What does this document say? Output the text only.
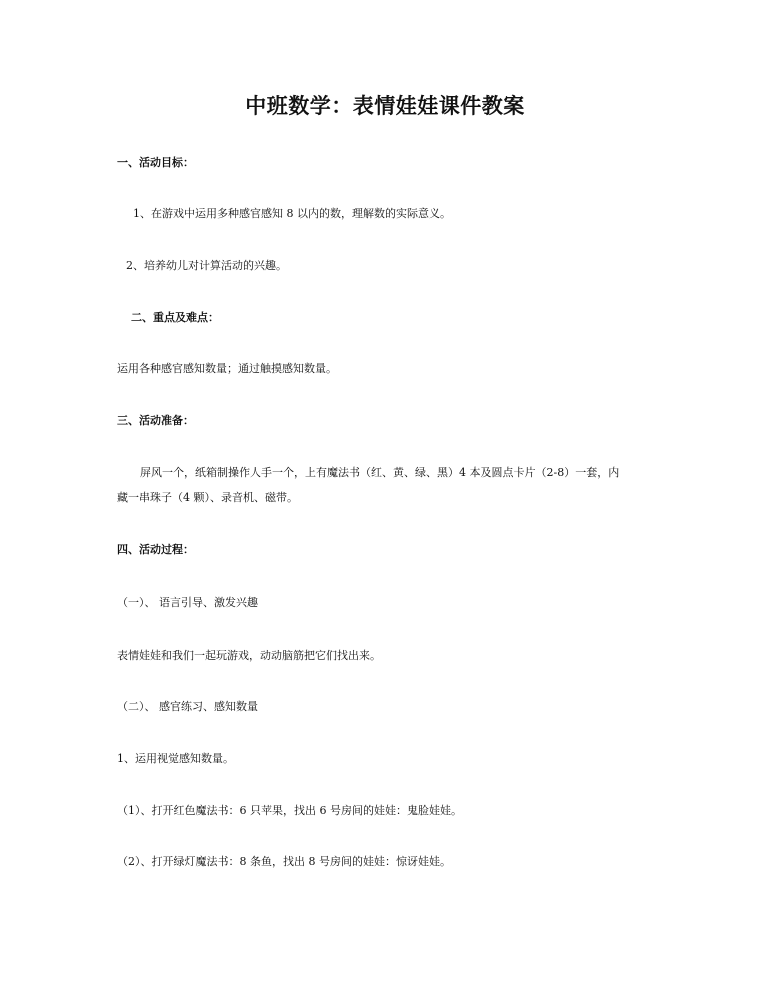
中班数学：表情娃娃课件教案
一、活动目标：
1、在游戏中运用多种感官感知 8 以内的数，理解数的实际意义。
2、培养幼儿对计算活动的兴趣。
二、重点及难点：
运用各种感官感知数量；通过触摸感知数量。
三、活动准备：
屏风一个，纸箱制操作人手一个，上有魔法书（红、黄、绿、黑）4 本及圆点卡片（2-8）一套，内
藏一串珠子（4 颗）、录音机、磁带。
四、活动过程：
（一）、 语言引导、激发兴趣
表情娃娃和我们一起玩游戏，动动脑筋把它们找出来。
（二）、 感官练习、感知数量
1、运用视觉感知数量。
（1）、打开红色魔法书：6 只苹果，找出 6 号房间的娃娃：鬼脸娃娃。
（2）、打开绿灯魔法书：8 条鱼，找出 8 号房间的娃娃：惊讶娃娃。
